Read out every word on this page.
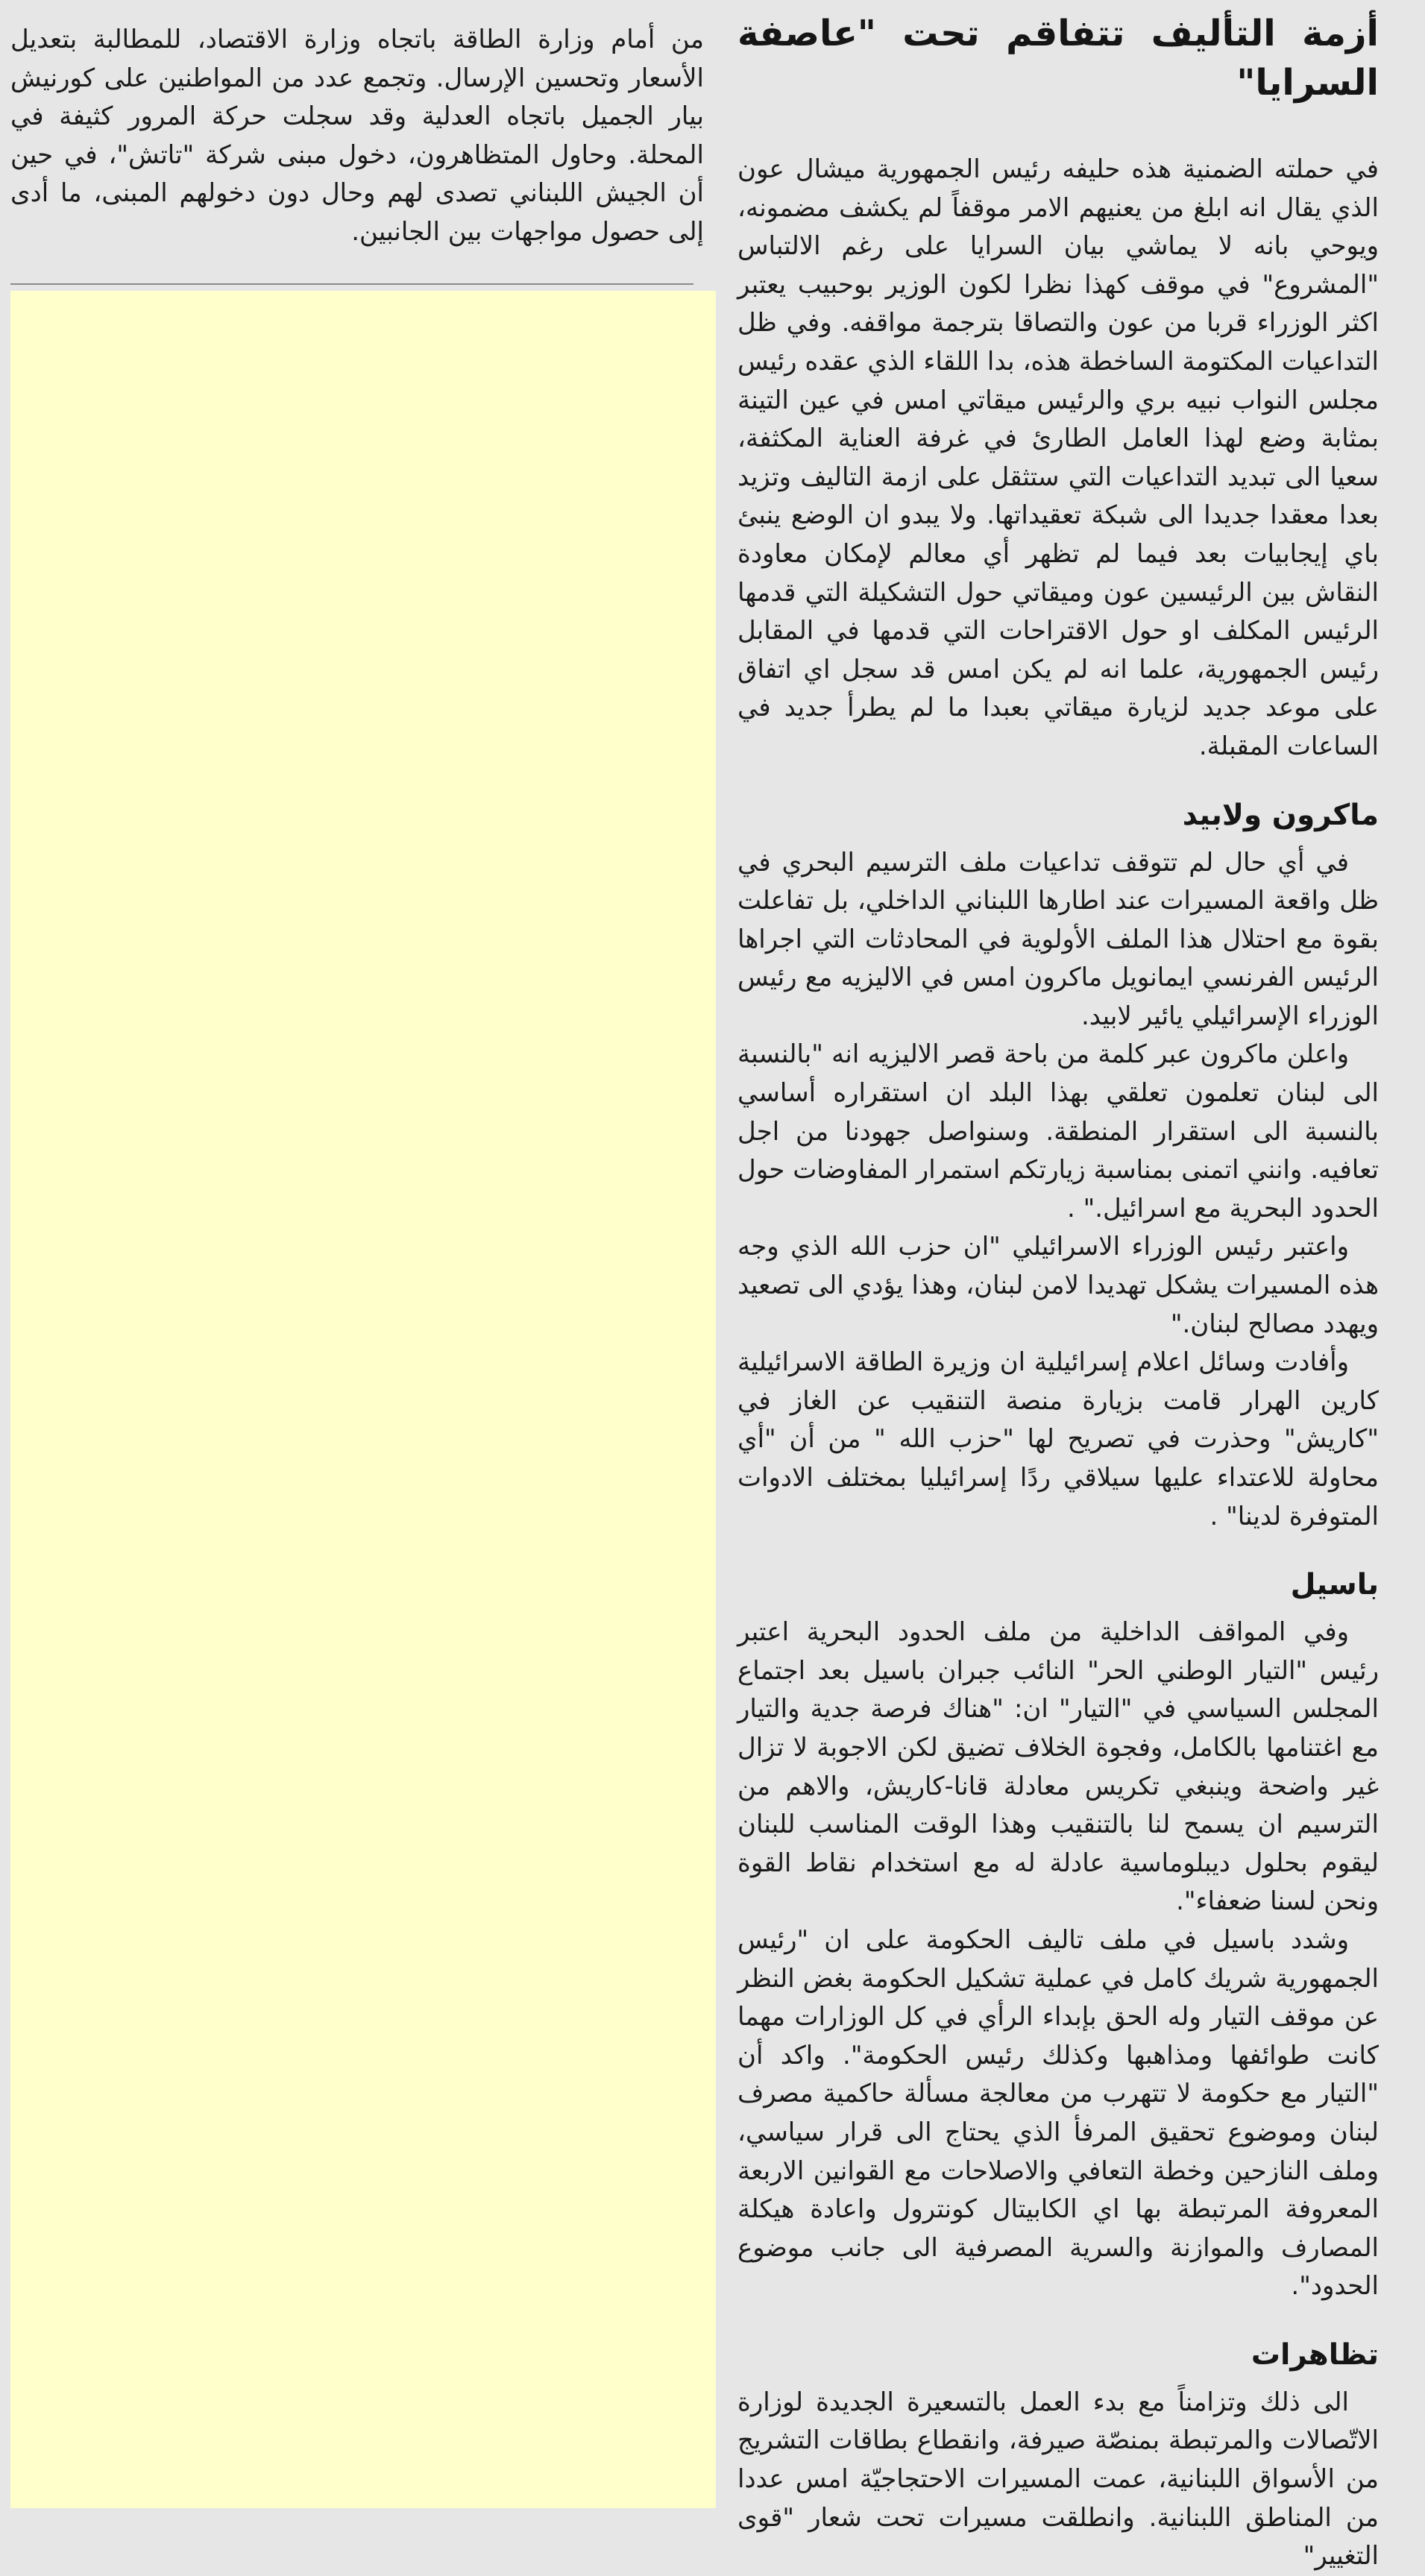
أزمة التأليف تتفاقم تحت "عاصفة السرايا"

في حملته الضمنية هذه حليفه رئيس الجمهورية ميشال عون الذي يقال انه ابلغ من يعنيهم الامر موقفاً لم يكشف مضمونه، ويوحي بانه لا يماشي بيان السرايا على رغم الالتباس "المشروع" في موقف كهذا نظرا لكون الوزير بوحبيب يعتبر اكثر الوزراء قربا من عون والتصاقا بترجمة مواقفه. وفي ظل التداعيات المكتومة الساخطة هذه، بدا اللقاء الذي عقده رئيس مجلس النواب نبيه بري والرئيس ميقاتي امس في عين التينة بمثابة وضع لهذا العامل الطارئ في غرفة العناية المكثفة، سعيا الى تبديد التداعيات التي ستثقل على ازمة التاليف وتزيد بعدا معقدا جديدا الى شبكة تعقيداتها. ولا يبدو ان الوضع ينبئ باي إيجابيات بعد فيما لم تظهر أي معالم لإمكان معاودة النقاش بين الرئيسين عون وميقاتي حول التشكيلة التي قدمها الرئيس المكلف او حول الاقتراحات التي قدمها في المقابل رئيس الجمهورية، علما انه لم يكن امس قد سجل اي اتفاق على موعد جديد لزيارة ميقاتي بعبدا ما لم يطرأ جديد في الساعات المقبلة.

ماكرون ولابيد

في أي حال لم تتوقف تداعيات ملف الترسيم البحري في ظل واقعة المسيرات عند اطارها اللبناني الداخلي، بل تفاعلت بقوة مع احتلال هذا الملف الأولوية في المحادثات التي اجراها الرئيس الفرنسي ايمانويل ماكرون امس في الاليزيه مع رئيس الوزراء الإسرائيلي يائير لابيد.

واعلن ماكرون عبر كلمة من باحة قصر الاليزيه انه "بالنسبة الى لبنان تعلمون تعلقي بهذا البلد ان استقراره أساسي بالنسبة الى استقرار المنطقة. وسنواصل جهودنا من اجل تعافيه. وانني اتمنى بمناسبة زيارتكم استمرار المفاوضات حول الحدود البحرية مع اسرائيل." .

واعتبر رئيس الوزراء الاسرائيلي "ان حزب الله الذي وجه هذه المسيرات يشكل تهديدا لامن لبنان، وهذا يؤدي الى تصعيد ويهدد مصالح لبنان."

وأفادت وسائل اعلام إسرائيلية ان وزيرة الطاقة الاسرائيلية كارين الهرار قامت بزيارة منصة التنقيب عن الغاز في "كاريش" وحذرت في تصريح لها "حزب الله " من أن "أي محاولة للاعتداء عليها سيلاقي ردًا إسرائيليا بمختلف الادوات المتوفرة لدينا" .

باسيل

وفي المواقف الداخلية من ملف الحدود البحرية اعتبر رئيس "التيار الوطني الحر" النائب جبران باسيل بعد اجتماع المجلس السياسي في "التيار" ان: "هناك فرصة جدية والتيار مع اغتنامها بالكامل، وفجوة الخلاف تضيق لكن الاجوبة لا تزال غير واضحة وينبغي تكريس معادلة قانا-كاريش، والاهم من الترسيم ان يسمح لنا بالتنقيب وهذا الوقت المناسب للبنان ليقوم بحلول ديبلوماسية عادلة له مع استخدام نقاط القوة ونحن لسنا ضعفاء".

وشدد باسيل في ملف تاليف الحكومة على ان "رئيس الجمهورية شريك كامل في عملية تشكيل الحكومة بغض النظر عن موقف التيار وله الحق بإبداء الرأي في كل الوزارات مهما كانت طوائفها ومذاهبها وكذلك رئيس الحكومة". واكد أن "التيار مع حكومة لا تتهرب من معالجة مسألة حاكمية مصرف لبنان وموضوع تحقيق المرفأ الذي يحتاج الى قرار سياسي، وملف النازحين وخطة التعافي والاصلاحات مع القوانين الاربعة المعروفة المرتبطة بها اي الكابيتال كونترول واعادة هيكلة المصارف والموازنة والسرية المصرفية الى جانب موضوع الحدود".

تظاهرات

الى ذلك وتزامناً مع بدء العمل بالتسعيرة الجديدة لوزارة الاتّصالات والمرتبطة بمنصّة صيرفة، وانقطاع بطاقات التشريج من الأسواق اللبنانية، عمت المسيرات الاحتجاجيّة امس عددا من المناطق اللبنانية. وانطلقت مسيرات تحت شعار "قوى التغيير"

من أمام وزارة الطاقة باتجاه وزارة الاقتصاد، للمطالبة بتعديل الأسعار وتحسين الإرسال. وتجمع عدد من المواطنين على كورنيش بيار الجميل باتجاه العدلية وقد سجلت حركة المرور كثيفة في المحلة. وحاول المتظاهرون، دخول مبنى شركة "تاتش"، في حين أن الجيش اللبناني تصدى لهم وحال دون دخولهم المبنى، ما أدى إلى حصول مواجهات بين الجانبين.
